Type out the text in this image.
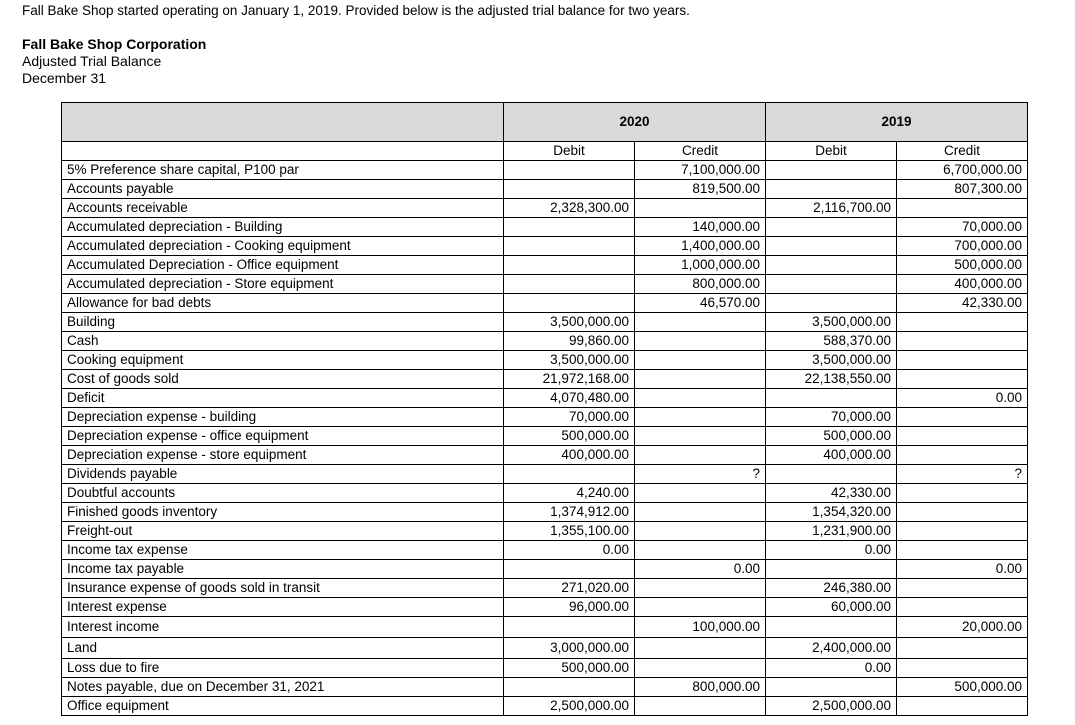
Fall Bake Shop started operating on January 1, 2019. Provided below is the adjusted trial balance for two years.
Fall Bake Shop Corporation
Adjusted Trial Balance
December 31
	2020		2019	
	Debit	Credit	Debit	Credit
5% Preference share capital, P100 par		7,100,000.00		6,700,000.00
Accounts payable		819,500.00		807,300.00
Accounts receivable	2,328,300.00		2,116,700.00	
Accumulated depreciation - Building		140,000.00		70,000.00
Accumulated depreciation - Cooking equipment		1,400,000.00		700,000.00
Accumulated Depreciation - Office equipment		1,000,000.00		500,000.00
Accumulated depreciation - Store equipment		800,000.00		400,000.00
Allowance for bad debts		46,570.00		42,330.00
Building	3,500,000.00		3,500,000.00	
Cash	99,860.00		588,370.00	
Cooking equipment	3,500,000.00		3,500,000.00	
Cost of goods sold	21,972,168.00		22,138,550.00	
Deficit	4,070,480.00			0.00
Depreciation expense - building	70,000.00		70,000.00	
Depreciation expense - office equipment	500,000.00		500,000.00	
Depreciation expense - store equipment	400,000.00		400,000.00	
Dividends payable		?		?
Doubtful accounts	4,240.00		42,330.00	
Finished goods inventory	1,374,912.00		1,354,320.00	
Freight-out	1,355,100.00		1,231,900.00	
Income tax expense	0.00		0.00	
Income tax payable		0.00		0.00
Insurance expense of goods sold in transit	271,020.00		246,380.00	
Interest expense	96,000.00		60,000.00	
Interest income		100,000.00		20,000.00
Land	3,000,000.00		2,400,000.00	
Loss due to fire	500,000.00		0.00	
Notes payable, due on December 31, 2021		800,000.00		500,000.00
Office equipment	2,500,000.00		2,500,000.00	
